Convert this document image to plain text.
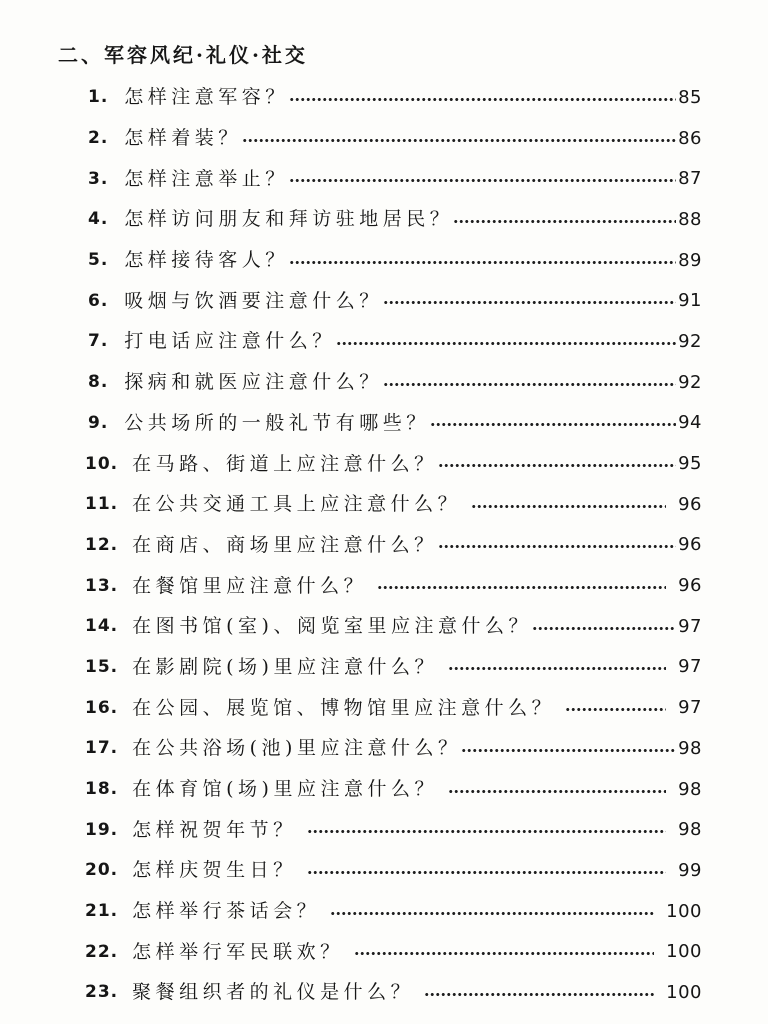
二、军容风纪·礼仪·社交
1. 怎样注意军容？	85
2. 怎样着装？	86
3. 怎样注意举止？	87
4. 怎样访问朋友和拜访驻地居民？	88
5. 怎样接待客人？	89
6. 吸烟与饮酒要注意什么？	91
7. 打电话应注意什么？	92
8. 探病和就医应注意什么？	92
9. 公共场所的一般礼节有哪些？	94
10. 在马路、街道上应注意什么？	95
11. 在公共交通工具上应注意什么？	96
12. 在商店、商场里应注意什么？	96
13. 在餐馆里应注意什么？	96
14. 在图书馆(室)、阅览室里应注意什么？	97
15. 在影剧院(场)里应注意什么？	97
16. 在公园、展览馆、博物馆里应注意什么？	97
17. 在公共浴场(池)里应注意什么？	98
18. 在体育馆(场)里应注意什么？	98
19. 怎样祝贺年节？	98
20. 怎样庆贺生日？	99
21. 怎样举行茶话会？	100
22. 怎样举行军民联欢？	100
23. 聚餐组织者的礼仪是什么？	100
